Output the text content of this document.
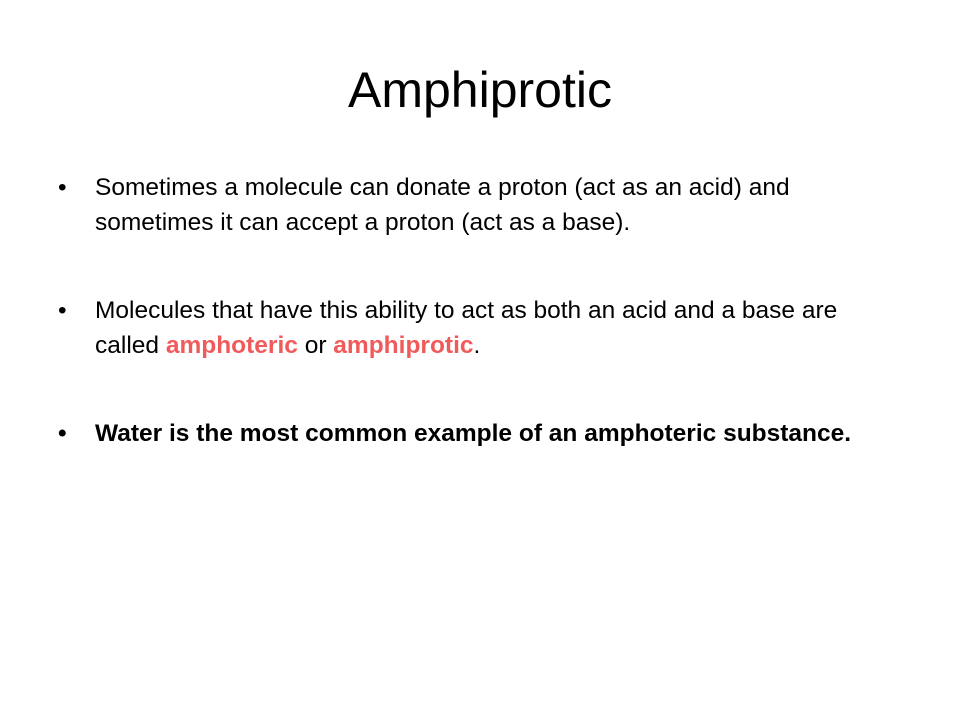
Amphiprotic
•	Sometimes a molecule can donate a proton (act as an acid) and sometimes it can accept a proton (act as a base).
•	Molecules that have this ability to act as both an acid and a base are called amphoteric or amphiprotic.
•	Water is the most common example of an amphoteric substance.
